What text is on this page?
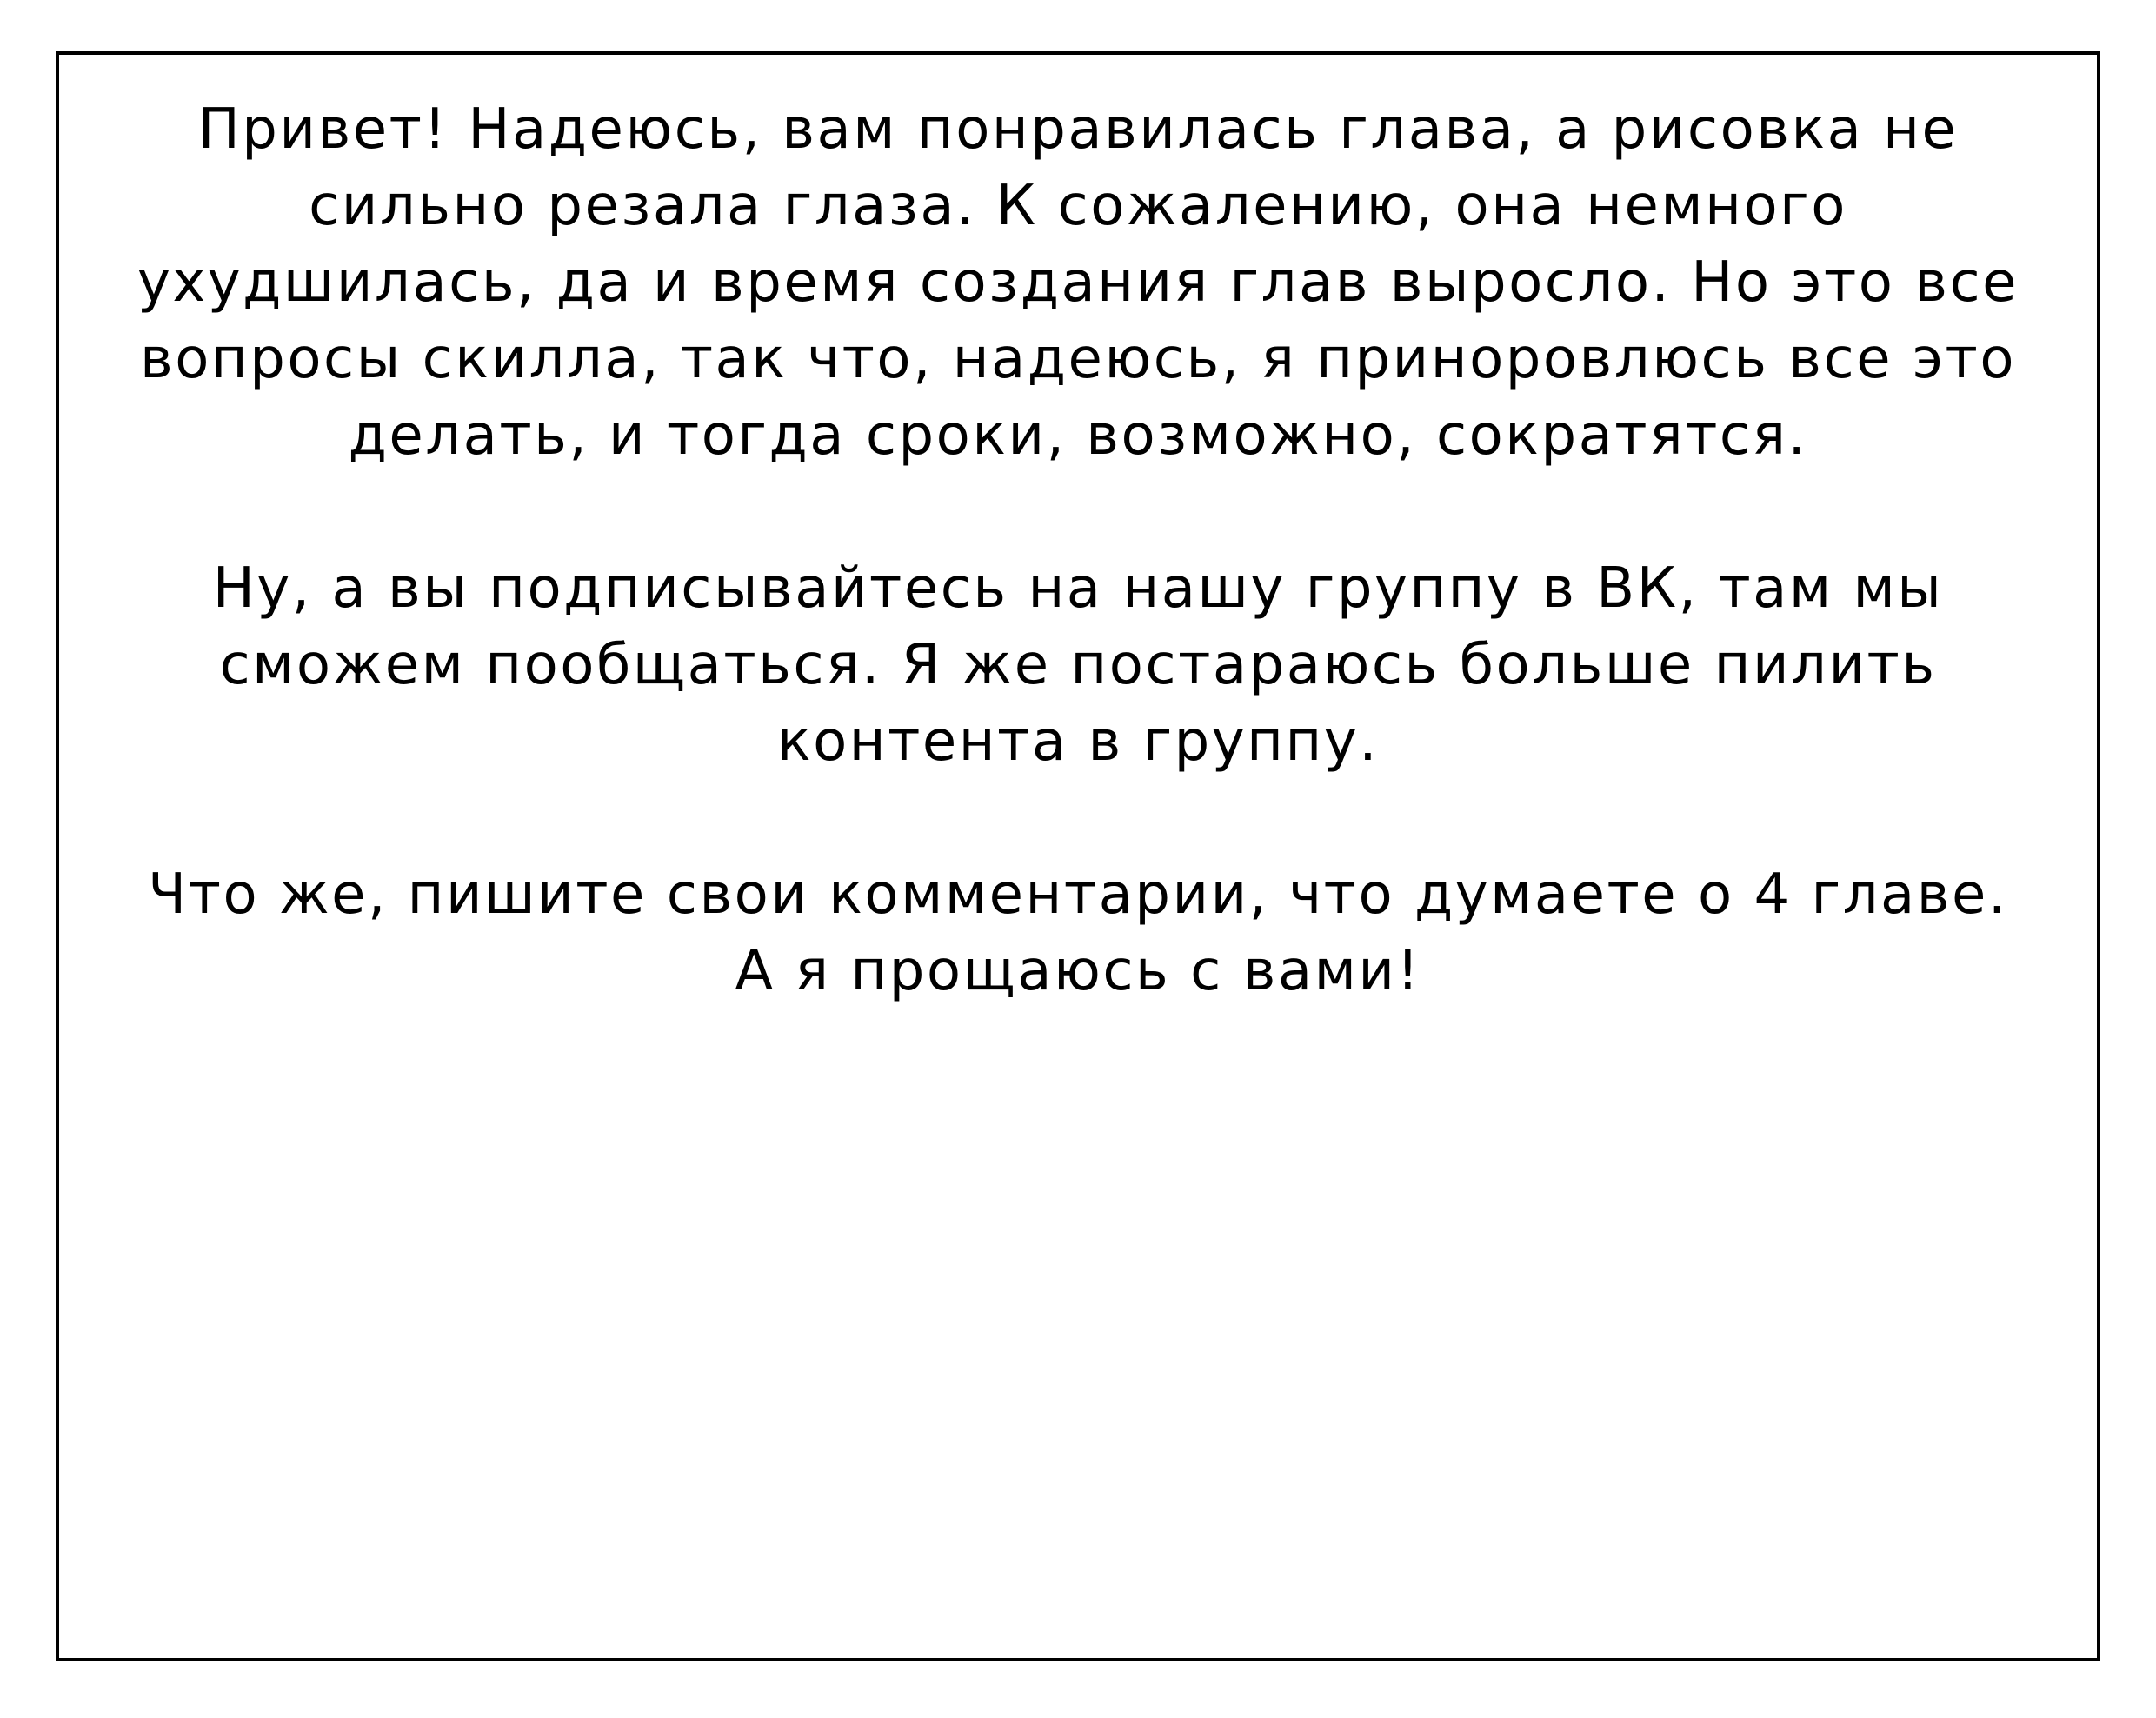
Привет! Надеюсь, вам понравилась глава, а рисовка не
сильно резала глаза. К сожалению, она немного
ухудшилась, да и время создания глав выросло. Но это все
вопросы скилла, так что, надеюсь, я приноровлюсь все это
делать, и тогда сроки, возможно, сократятся.

Ну, а вы подписывайтесь на нашу группу в ВК, там мы
сможем пообщаться. Я же постараюсь больше пилить
контента в группу.

Что же, пишите свои комментарии, что думаете о 4 главе.
А я прощаюсь с вами!
